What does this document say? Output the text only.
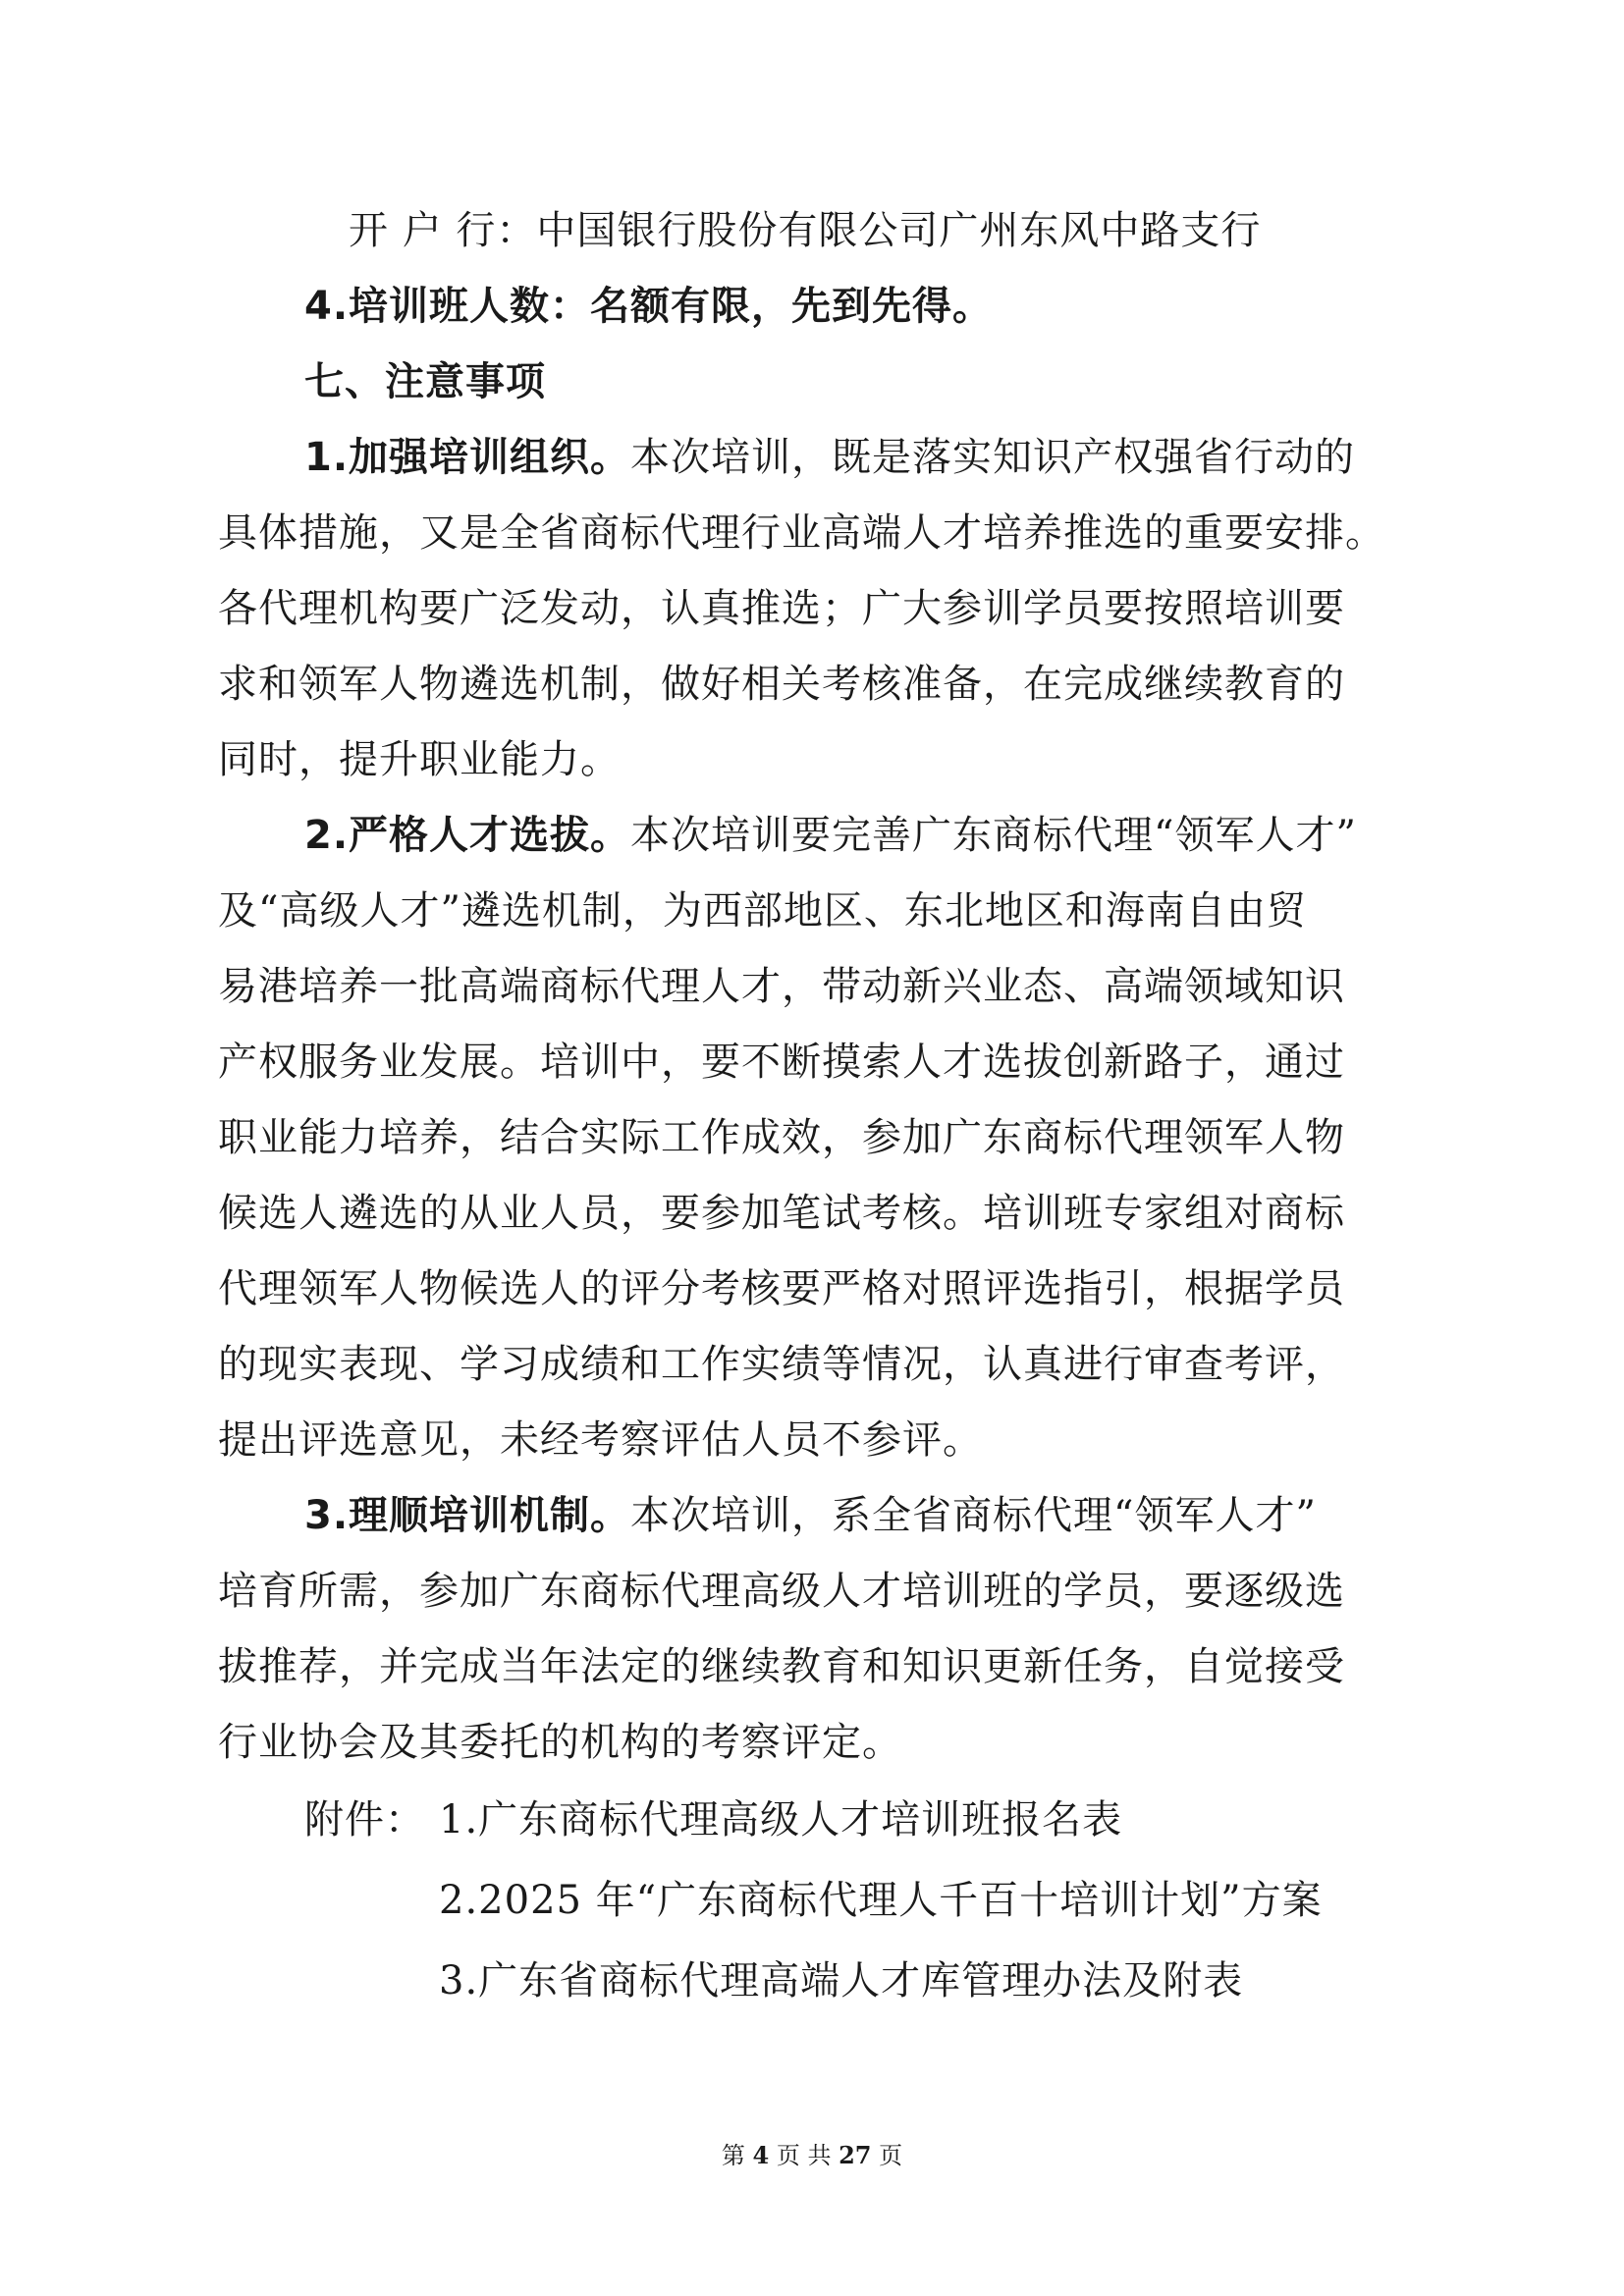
开 户 行：中国银行股份有限公司广州东风中路支行
4.培训班人数：名额有限，先到先得。
七、注意事项
1.加强培训组织。本次培训，既是落实知识产权强省行动的
具体措施，又是全省商标代理行业高端人才培养推选的重要安排。
各代理机构要广泛发动，认真推选；广大参训学员要按照培训要
求和领军人物遴选机制，做好相关考核准备，在完成继续教育的
同时，提升职业能力。
2.严格人才选拔。本次培训要完善广东商标代理“领军人才”
及“高级人才”遴选机制，为西部地区、东北地区和海南自由贸
易港培养一批高端商标代理人才，带动新兴业态、高端领域知识
产权服务业发展。培训中，要不断摸索人才选拔创新路子，通过
职业能力培养，结合实际工作成效，参加广东商标代理领军人物
候选人遴选的从业人员，要参加笔试考核。培训班专家组对商标
代理领军人物候选人的评分考核要严格对照评选指引，根据学员
的现实表现、学习成绩和工作实绩等情况，认真进行审查考评，
提出评选意见，未经考察评估人员不参评。
3.理顺培训机制。本次培训，系全省商标代理“领军人才”
培育所需，参加广东商标代理高级人才培训班的学员，要逐级选
拔推荐，并完成当年法定的继续教育和知识更新任务，自觉接受
行业协会及其委托的机构的考察评定。
附件： 1.广东商标代理高级人才培训班报名表
2.2025 年“广东商标代理人千百十培训计划”方案
3.广东省商标代理高端人才库管理办法及附表
第 4 页 共 27 页
